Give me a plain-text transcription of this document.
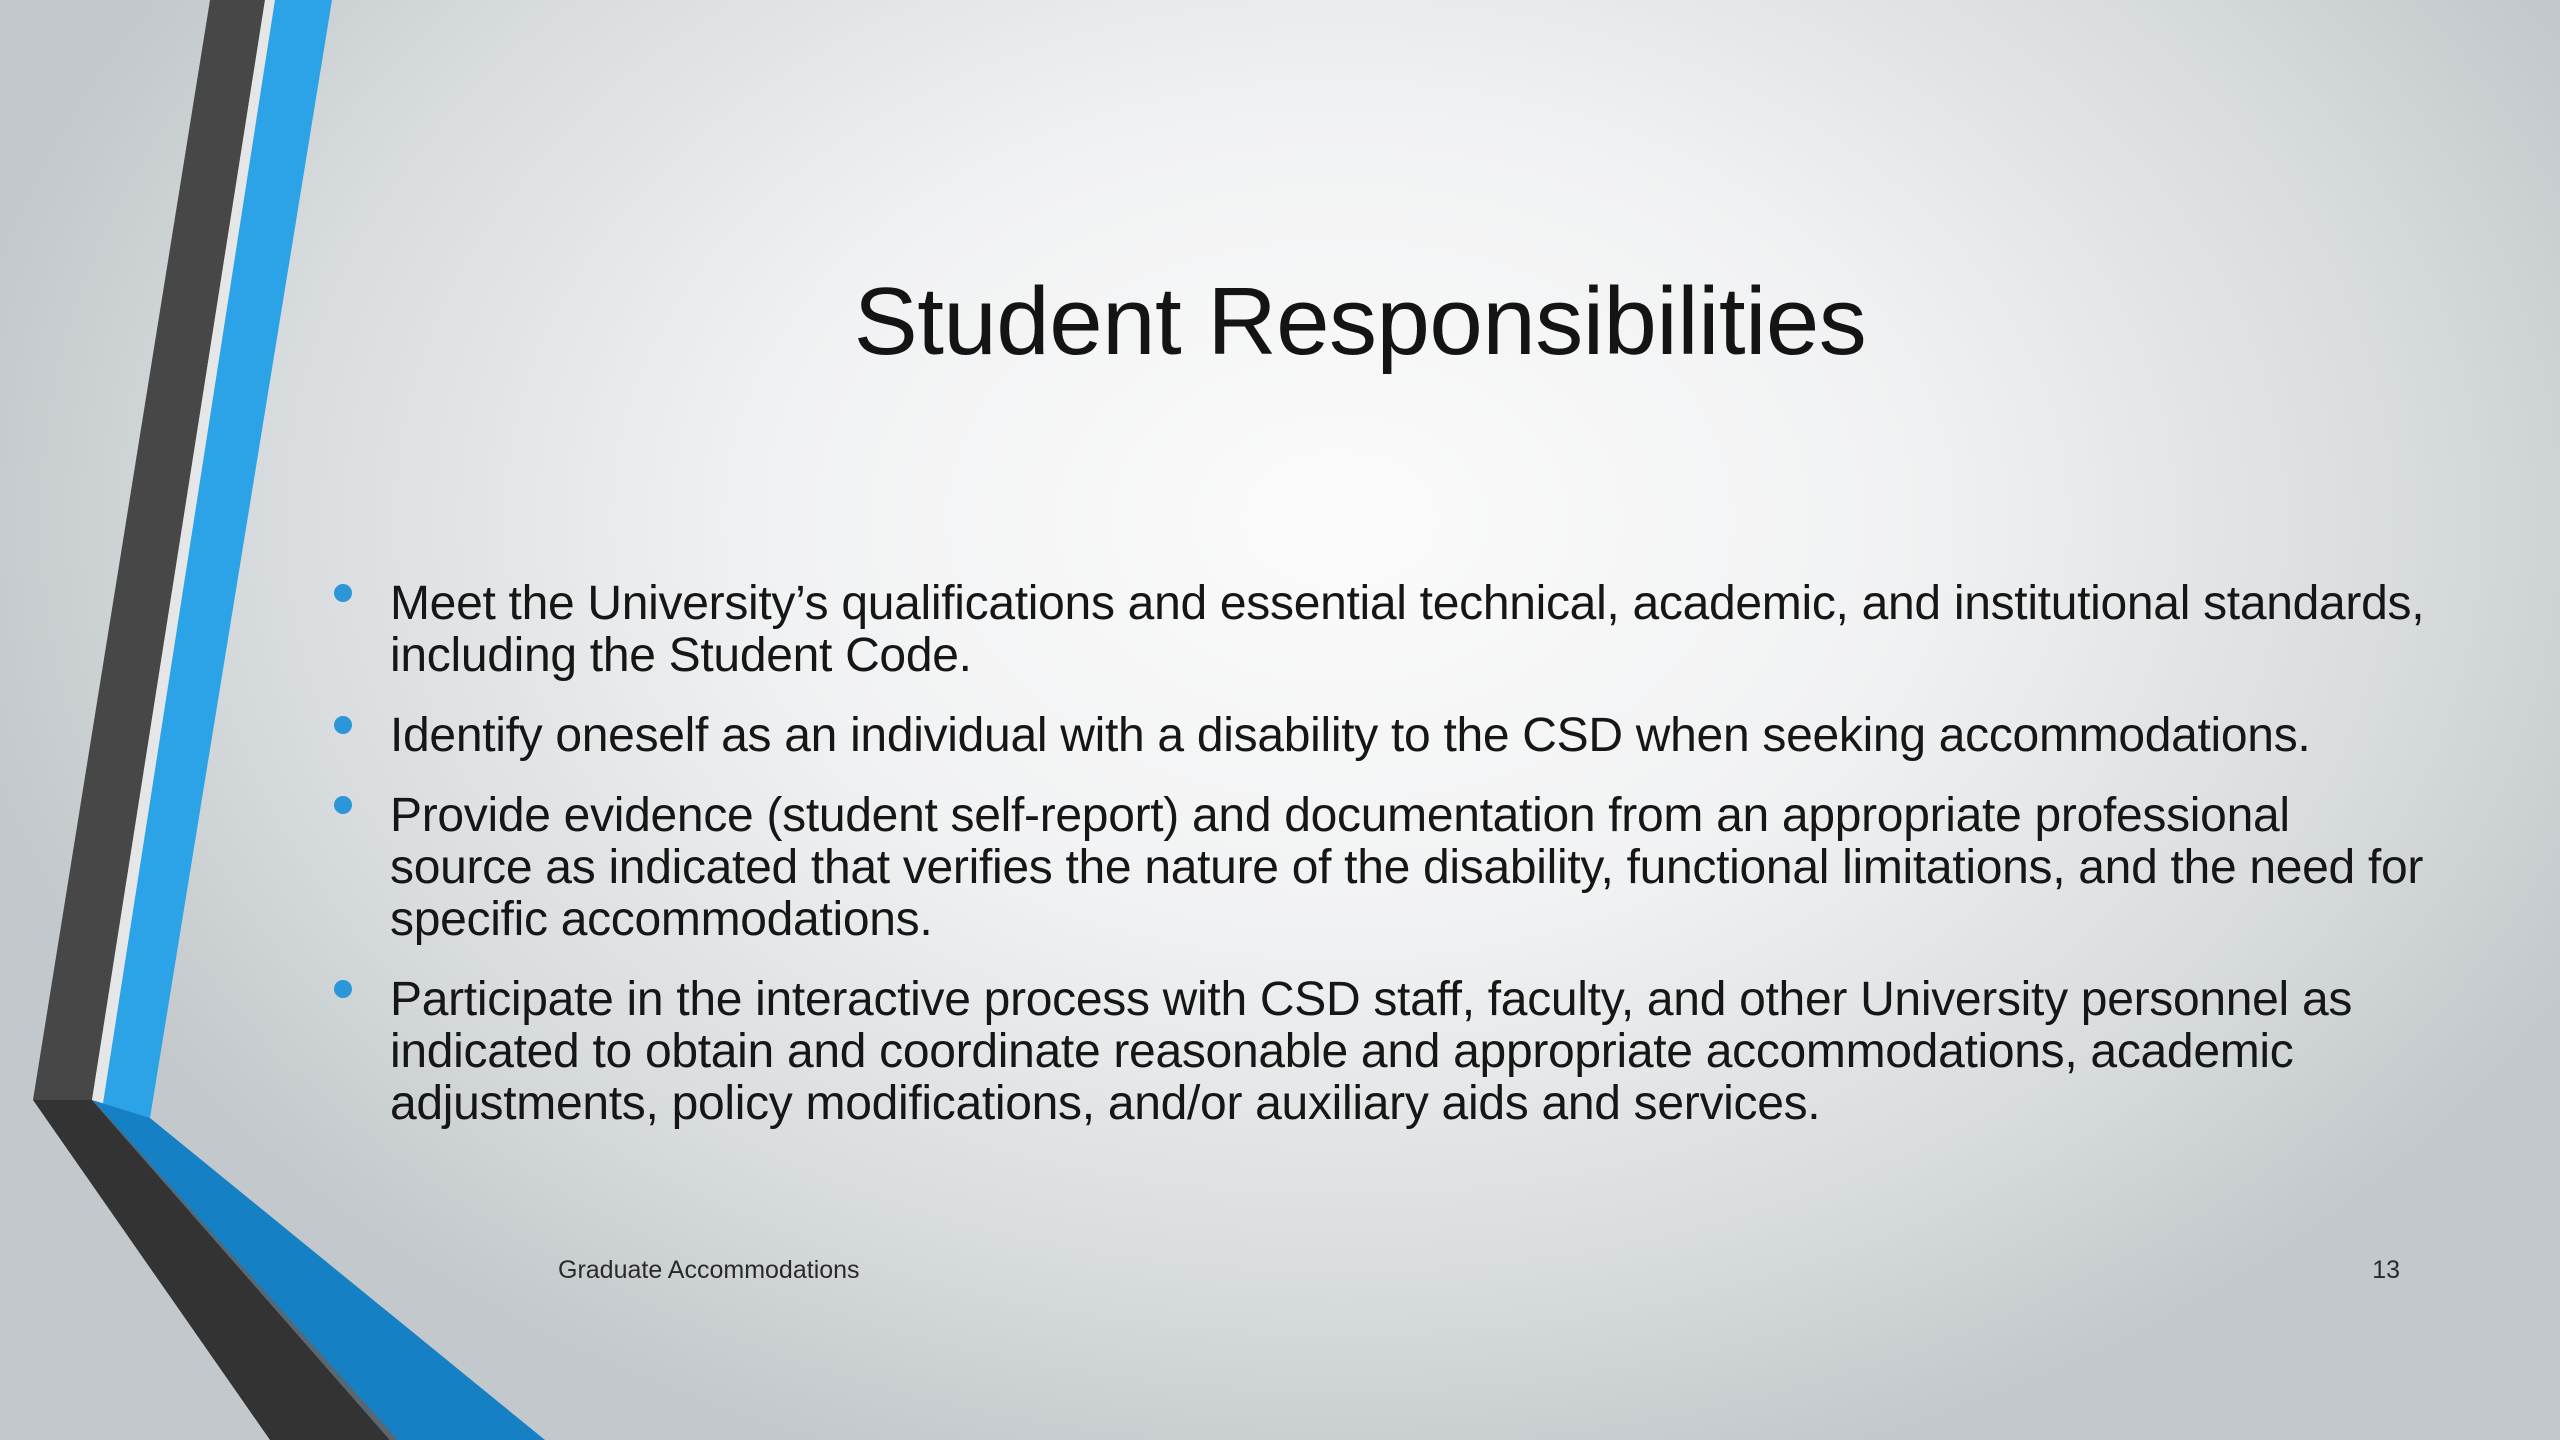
Student Responsibilities
Meet the University’s qualifications and essential technical, academic, and institutional standards, including the Student Code.
Identify oneself as an individual with a disability to the CSD when seeking accommodations.
Provide evidence (student self-report) and documentation from an appropriate professional source as indicated that verifies the nature of the disability, functional limitations, and the need for specific accommodations.
Participate in the interactive process with CSD staff, faculty, and other University personnel as indicated to obtain and coordinate reasonable and appropriate accommodations, academic adjustments, policy modifications, and/or auxiliary aids and services.
Graduate Accommodations	13
